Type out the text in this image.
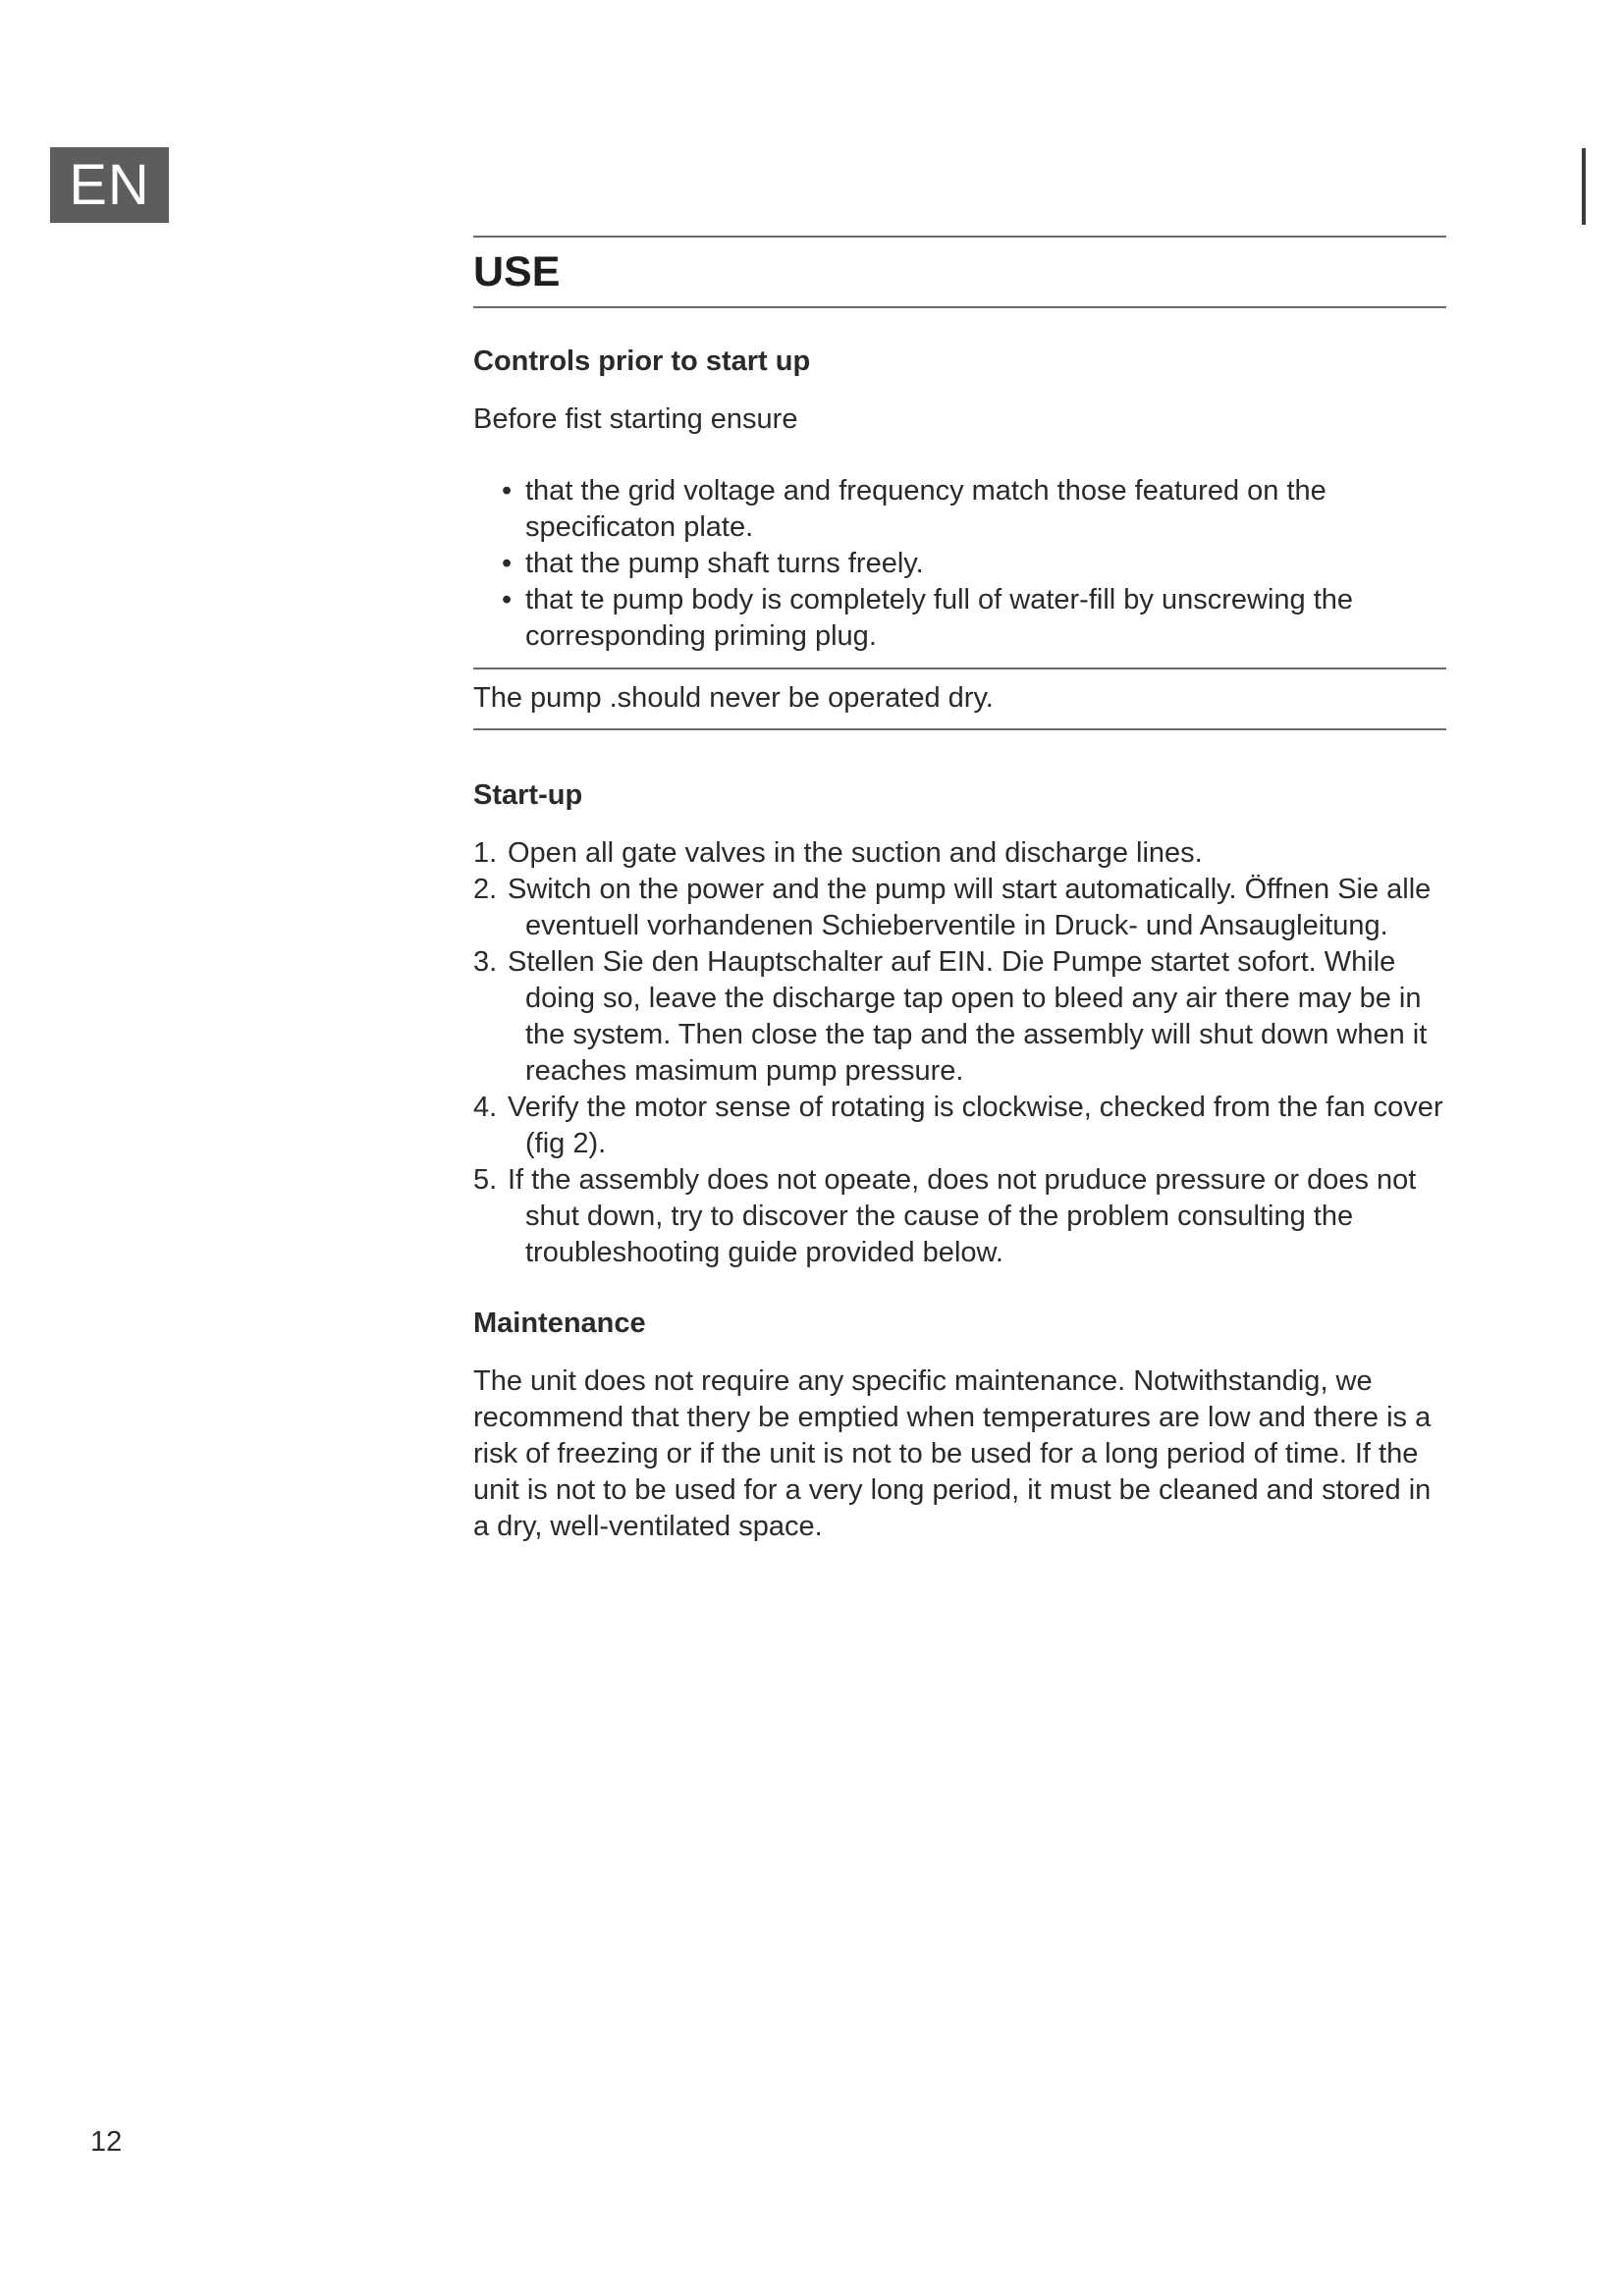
EN
USE
Controls prior to start up

Before fist starting ensure

• that the grid voltage and frequency match those featured on the specificaton plate.
• that the pump shaft turns freely.
• that te pump body is completely full of water-fill by unscrewing the corresponding priming plug.

The pump .should never be operated dry.

Start-up
1. Open all gate valves in the suction and discharge lines.
2. Switch on the power and the pump will start automatically. Öffnen Sie alle eventuell vorhandenen Schieberventile in Druck- und Ansaugleitung.
3. Stellen Sie den Hauptschalter auf EIN. Die Pumpe startet sofort. While doing so, leave the discharge tap open to bleed any air there may be in the system. Then close the tap and the assembly will shut down when it reaches masimum pump pressure.
4. Verify the motor sense of rotating is clockwise, checked from the fan cover (fig 2).
5. If the assembly does not opeate, does not pruduce pressure or does not shut down, try to discover the cause of the problem consulting the troubleshooting guide provided below.
Maintenance

The unit does not require any specific maintenance. Notwithstandig, we recommend that thery be emptied when temperatures are low and there is a risk of freezing or if the unit is not to be used for a long period of time. If the unit is not to be used for a very long period, it must be cleaned and stored in a dry, well-ventilated space.

12
